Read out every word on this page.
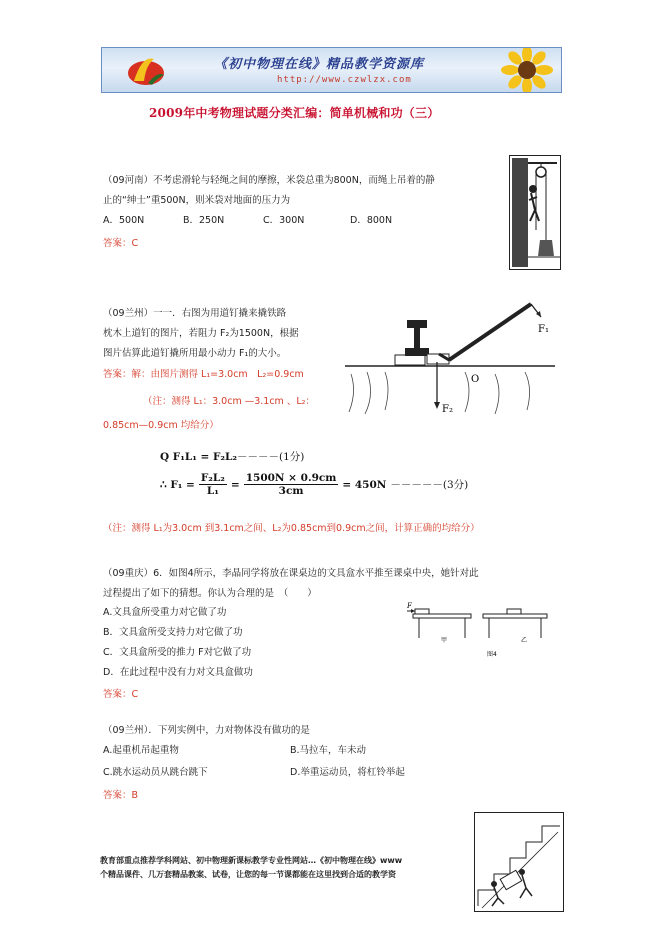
《初中物理在线》精品教学资源库
http://www.czwlzx.com
2009年中考物理试题分类汇编：简单机械和功（三）
（09河南）不考虑滑轮与轻绳之间的摩擦，米袋总重为800N，而绳上吊着的静
止的“绅士”重500N，则米袋对地面的压力为
A．500N	B．250N	C．300N	D．800N
答案：C
（09兰州）一一．右图为用道钉撬来撬铁路
枕木上道钉的图片，若阻力 F₂为1500N，根据
图片估算此道钉撬所用最小动力 F₁的大小。
答案：解：由图片测得 L₁=3.0cm　L₂=0.9cm
（注：测得 L₁：3.0cm —3.1cm 、L₂：
0.85cm—0.9cm 均给分）
F₁
F₂
O
Q F₁L₁ = F₂L₂－－－－(1分)
∴ $F_1 = \frac{\text{F₂L₂}}{\text{L₁}} = \frac{1500N \times 0.9cm}{3cm} = 450N -----(3$分)
（注：测得 L₁为3.0cm 到3.1cm之间、L₂为0.85cm到0.9cm之间，计算正确的均给分）
（09重庆）6．如图4所示，李晶同学将放在课桌边的文具盒水平推至课桌中央，她针对此
过程提出了如下的猜想。你认为合理的是　（　　）
A.文具盒所受重力对它做了功
B．文具盒所受支持力对它做了功
C．文具盒所受的推力 F对它做了功
D．在此过程中没有力对文具盒做功
答案：C
F
甲	乙
图4
（09兰州）．下列实例中，力对物体没有做功的是
A.起重机吊起重物	B.马拉车，车未动
C.跳水运动员从跳台跳下	D.举重运动员，将杠铃举起
答案：B
教育部重点推荐学科网站、初中物理新课标教学专业性网站…《初中物理在线》www
个精品课件、几万套精品教案、试卷，让您的每一节课都能在这里找到合适的教学资
